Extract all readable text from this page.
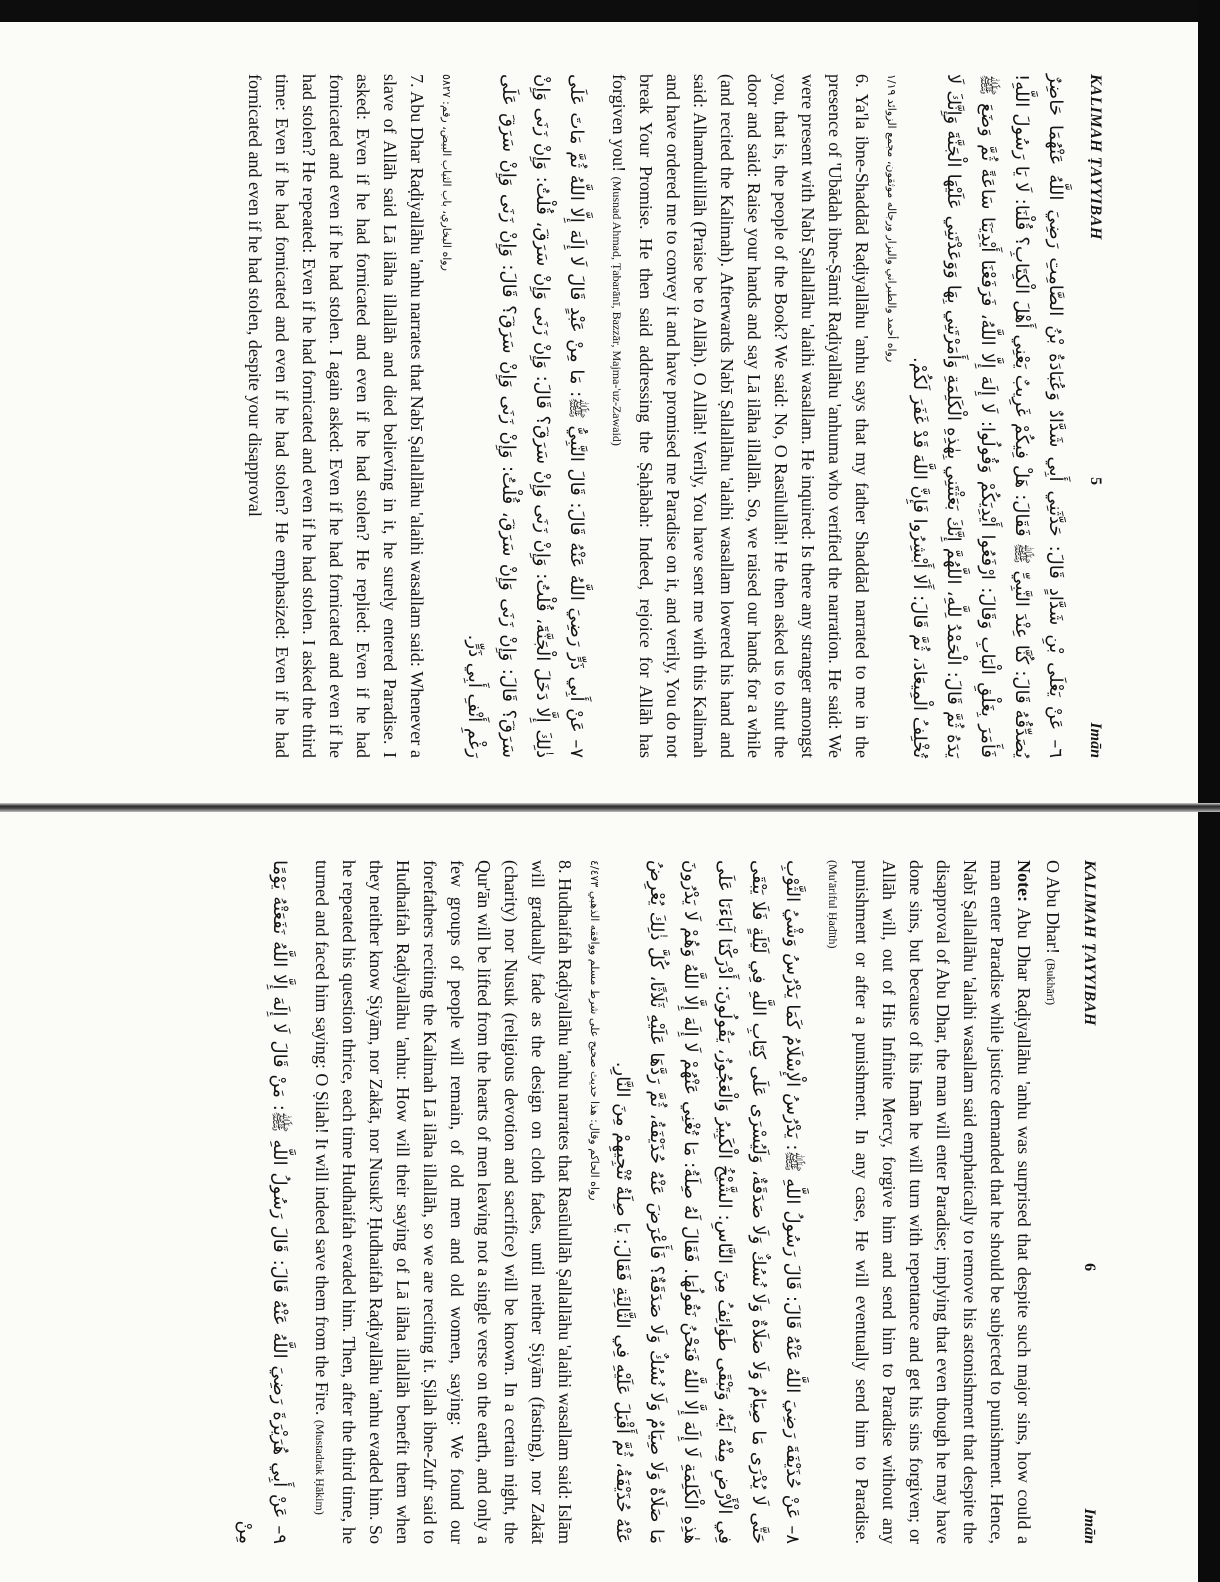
KALIMAH ṬAYYIBAH
5
Imān

٦– عَنْ يَعْلَى بْنِ شَدَّادٍ قَالَ: حَدَّثَنِي أَبِي شَدَّادٌ وَعُبَادَةُ بْنُ الصَّامِتِ رَضِيَ اللَّهُ عَنْهُمَا حَاضِرٌ يُصَدِّقُهُ قَالَ: كُنَّا عِنْدَ النَّبِيِّ ﷺ فَقَالَ: هَلْ فِيكُمْ غَرِيبٌ يَعْنِي أَهْلَ الْكِتَابِ؟ قُلْنَا: لَا يَا رَسُولَ اللَّهِ! فَأَمَرَ بِغَلْقِ الْبَابِ وَقَالَ: ارْفَعُوا أَيْدِيَكُمْ وَقُولُوا: لَا إِلَهَ إِلَّا اللَّهُ، فَرَفَعْنَا أَيْدِيَنَا سَاعَةً ثُمَّ وَضَعَ ﷺ يَدَهُ ثُمَّ قَالَ: الْحَمْدُ لِلَّهِ، اللَّهُمَّ إِنَّكَ بَعَثْتَنِي بِهٰذِهِ الْكَلِمَةِ وَأَمَرْتَنِي بِهَا وَوَعَدْتَنِي عَلَيْهَا الْجَنَّةَ وَإِنَّكَ لَا تُخْلِفُ الْمِيعَادَ، ثُمَّ قَالَ: أَلَا أَبْشِرُوا فَإِنَّ اللَّهَ قَدْ غَفَرَ لَكُمْ.

رواه أحمد والطبراني والبزار ورجاله موثقون، مجمع الزوائد ١/١٩

6. Ya'la ibne-Shaddād Raḍiyallāhu 'anhu says that my father Shaddād narrated to me in the presence of 'Ubādah ibne-Ṣāmit Raḍiyallāhu 'anhuma who verified the narration. He said: We were present with Nabī Ṣallallāhu 'alaihi wasallam. He inquired: Is there any stranger amongst you, that is, the people of the Book? We said: No, O Rasūlullāh! He then asked us to shut the door and said: Raise your hands and say Lā ilāha illallāh. So, we raised our hands for a while (and recited the Kalimah). Afterwards Nabī Ṣallallāhu 'alaihi wasallam lowered his hand and said: Alhamdulillāh (Praise be to Allāh). O Allāh! Verily, You have sent me with this Kalimah and have ordered me to convey it and have promised me Paradise on it, and verily, You do not break Your Promise. He then said addressing the Ṣaḥābah: Indeed, rejoice for Allāh has forgiven you! (Musnad Ahmad, Ṭabarānī, Bazzār, Majma-'uz-Zawaid)

٧– عَنْ أَبِي ذَرٍّ رَضِيَ اللَّهُ عَنْهُ قَالَ: قَالَ النَّبِيُّ ﷺ: مَا مِنْ عَبْدٍ قَالَ لَا إِلَهَ إِلَّا اللَّهُ ثُمَّ مَاتَ عَلَى ذٰلِكَ إِلَّا دَخَلَ الْجَنَّةَ، قُلْتُ: وَإِنْ زَنَى وَإِنْ سَرَقَ؟ قَالَ: وَإِنْ زَنَى وَإِنْ سَرَقَ، قُلْتُ: وَإِنْ زَنَى وَإِنْ سَرَقَ؟ قَالَ: وَإِنْ زَنَى وَإِنْ سَرَقَ، قُلْتُ: وَإِنْ زَنَى وَإِنْ سَرَقَ؟ قَالَ: وَإِنْ زَنَى وَإِنْ سَرَقَ عَلَى رَغْمِ أَنْفِ أَبِي ذَرٍّ.

رواه البخاري، باب الثياب البيض، رقم: ٥٨٢٧

7. Abu Dhar Raḍiyallāhu 'anhu narrates that Nabī Ṣallallāhu 'alaihi wasallam said: Whenever a slave of Allāh said Lā ilāha illallāh and died believing in it, he surely entered Paradise. I asked: Even if he had fornicated and even if he had stolen? He replied: Even if he had fornicated and even if he had stolen. I again asked: Even if he had fornicated and even if he had stolen? He repeated: Even if he had fornicated and even if he had stolen. I asked the third time: Even if he had fornicated and even if he had stolen? He emphasized: Even if he had fornicated and even if he had stolen, despite your disapproval

KALIMAH ṬAYYIBAH
6
Imān

O Abu Dhar! (Bukhārī)

Note: Abu Dhar Raḍiyallāhu 'anhu was surprised that despite such major sins, how could a man enter Paradise while justice demanded that he should be subjected to punishment. Hence, Nabī Ṣallallāhu 'alaihi wasallam said emphatically to remove his astonishment that despite the disapproval of Abu Dhar, the man will enter Paradise; implying that even though he may have done sins, but because of his Imān he will turn with repentance and get his sins forgiven; or Allāh will, out of His Infinite Mercy, forgive him and send him to Paradise without any punishment or after a punishment. In any case, He will eventually send him to Paradise. (Mu'āriful Ḥadīth)

٨– عَنْ حُذَيْفَةَ رَضِيَ اللَّهُ عَنْهُ قَالَ: قَالَ رَسُولُ اللَّهِ ﷺ: يَدْرُسُ الْإِسْلَامُ كَمَا يَدْرُسُ وَشْيُ الثَّوْبِ حَتَّى لَا يُدْرَى مَا صِيَامٌ وَلَا صَلَاةٌ وَلَا نُسُكٌ وَلَا صَدَقَةٌ، وَلَيُسْرَى عَلَى كِتَابِ اللَّهِ فِي لَيْلَةٍ فَلَا يَبْقَى فِي الْأَرْضِ مِنْهُ آيَةٌ، وَتَبْقَى طَوَائِفُ مِنَ النَّاسِ: الشَّيْخُ الْكَبِيرُ وَالْعَجُوزُ، يَقُولُونَ: أَدْرَكْنَا آبَاءَنَا عَلَى هٰذِهِ الْكَلِمَةِ لَا إِلَهَ إِلَّا اللَّهُ فَنَحْنُ نَقُولُهَا. فَقَالَ لَهُ صِلَةُ: مَا تُغْنِي عَنْهُمْ لَا إِلَهَ إِلَّا اللَّهُ وَهُمْ لَا يَدْرُونَ مَا صَلَاةٌ وَلَا صِيَامٌ وَلَا نُسُكٌ وَلَا صَدَقَةٌ؟ فَأَعْرَضَ عَنْهُ حُذَيْفَةُ، ثُمَّ رَدَّهَا عَلَيْهِ ثَلَاثًا، كُلَّ ذٰلِكَ يُعْرِضُ عَنْهُ حُذَيْفَةُ، ثُمَّ أَقْبَلَ عَلَيْهِ فِي الثَّالِثَةِ فَقَالَ: يَا صِلَةُ تُنْجِيهِمْ مِنَ النَّارِ.

رواه الحاكم وقال: هذا حديث صحيح على شرط مسلم ووافقه الذهبي ٤/٤٧٣

8. Hudhaifah Raḍiyallāhu 'anhu narrates that Rasūlullāh Ṣallallāhu 'alaihi wasallam said: Islām will gradually fade as the design on cloth fades, until neither Ṣiyām (fasting), nor Zakāt (charity) nor Nusuk (religious devotion and sacrifice) will be known. In a certain night, the Qur'ān will be lifted from the hearts of men leaving not a single verse on the earth, and only a few groups of people will remain, of old men and old women, saying: We found our forefathers reciting the Kalimah Lā ilāha illallāh, so we are reciting it. Ṣilah ibne-Zufr said to Hudhaifah Raḍiyallāhu 'anhu: How will their saying of Lā ilāha illallāh benefit them when they neither know Ṣiyām, nor Zakāt, nor Nusuk? Ḥudhaifah Raḍiyallāhu 'anhu evaded him. So he repeated his question thrice, each time Hudhaifah evaded him. Then, after the third time, he turned and faced him saying: O Ṣilah! It will indeed save them from the Fire. (Mustadrak Ḥākim)

٩– عَنْ أَبِي هُرَيْرَةَ رَضِيَ اللَّهُ عَنْهُ قَالَ: قَالَ رَسُولُ اللَّهِ ﷺ: مَنْ قَالَ لَا إِلَهَ إِلَّا اللَّهُ نَفَعَتْهُ يَوْمًا مِنْ
